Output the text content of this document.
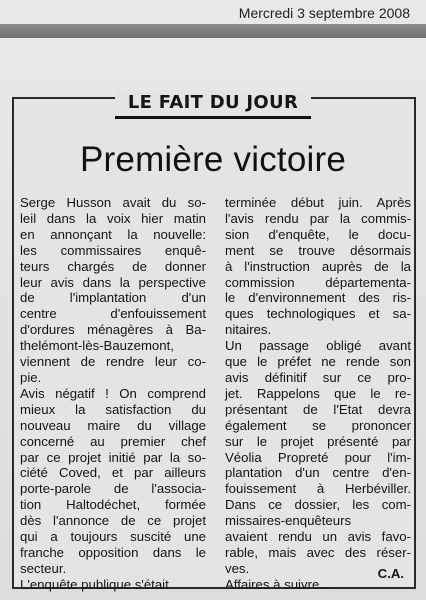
Mercredi 3 septembre 2008
LE FAIT DU JOUR
Première victoire
Serge Husson avait du so-
leil dans la voix hier matin
en annonçant la nouvelle:
les commissaires enquê-
teurs chargés de donner
leur avis dans la perspective
de l'implantation d'un
centre d'enfouissement
d'ordures ménagères à Ba-
thelémont-lès-Bauzemont,
viennent de rendre leur co-
pie.
Avis négatif ! On comprend
mieux la satisfaction du
nouveau maire du village
concerné au premier chef
par ce projet initié par la so-
ciété Coved, et par ailleurs
porte-parole de l'associa-
tion Haltodéchet, formée
dès l'annonce de ce projet
qui a toujours suscité une
franche opposition dans le
secteur.
L'enquête publique s'était
terminée début juin. Après
l'avis rendu par la commis-
sion d'enquête, le docu-
ment se trouve désormais
à l'instruction auprès de la
commission départementa-
le d'environnement des ris-
ques technologiques et sa-
nitaires.
Un passage obligé avant
que le préfet ne rende son
avis définitif sur ce pro-
jet. Rappelons que le re-
présentant de l'Etat devra
également se prononcer
sur le projet présenté par
Véolia Propreté pour l'im-
plantation d'un centre d'en-
fouissement à Herbéviller.
Dans ce dossier, les com-
missaires-enquêteurs
avaient rendu un avis favo-
rable, mais avec des réser-
ves.
Affaires à suivre...
C.A.
